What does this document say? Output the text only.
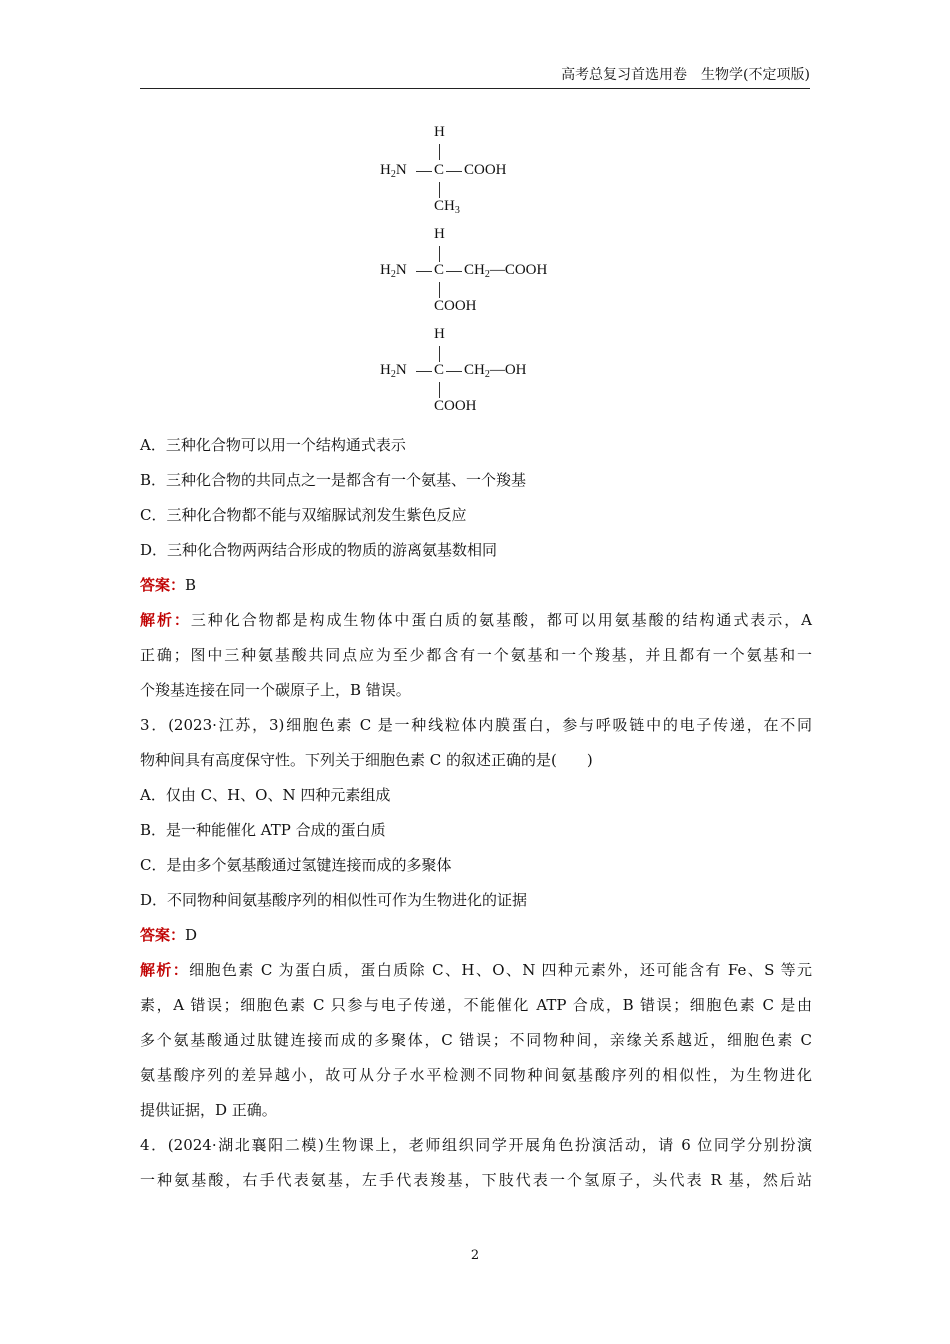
高考总复习首选用卷　生物学(不定项版)
H
$H_2N$ C COOH
$CH_3$
H
$H_2N$ C $CH_2—COOH$
COOH
H
$H_2N$ C $CH_2—OH$
COOH
A．三种化合物可以用一个结构通式表示
B．三种化合物的共同点之一是都含有一个氨基、一个羧基
C．三种化合物都不能与双缩脲试剂发生紫色反应
D．三种化合物两两结合形成的物质的游离氨基数相同
答案：B
解析：三种化合物都是构成生物体中蛋白质的氨基酸，都可以用氨基酸的结构通式表示，A
正确；图中三种氨基酸共同点应为至少都含有一个氨基和一个羧基，并且都有一个氨基和一
个羧基连接在同一个碳原子上，B 错误。
3．(2023·江苏，3)细胞色素 C 是一种线粒体内膜蛋白，参与呼吸链中的电子传递，在不同
物种间具有高度保守性。下列关于细胞色素 C 的叙述正确的是(　　)
A．仅由 C、H、O、N 四种元素组成
B．是一种能催化 ATP 合成的蛋白质
C．是由多个氨基酸通过氢键连接而成的多聚体
D．不同物种间氨基酸序列的相似性可作为生物进化的证据
答案：D
解析：细胞色素 C 为蛋白质，蛋白质除 C、H、O、N 四种元素外，还可能含有 Fe、S 等元
素，A 错误；细胞色素 C 只参与电子传递，不能催化 ATP 合成，B 错误；细胞色素 C 是由
多个氨基酸通过肽键连接而成的多聚体，C 错误；不同物种间，亲缘关系越近，细胞色素 C
氨基酸序列的差异越小，故可从分子水平检测不同物种间氨基酸序列的相似性，为生物进化
提供证据，D 正确。
4．(2024·湖北襄阳二模)生物课上，老师组织同学开展角色扮演活动，请 6 位同学分别扮演
一种氨基酸，右手代表氨基，左手代表羧基，下肢代表一个氢原子，头代表 R 基，然后站
2
